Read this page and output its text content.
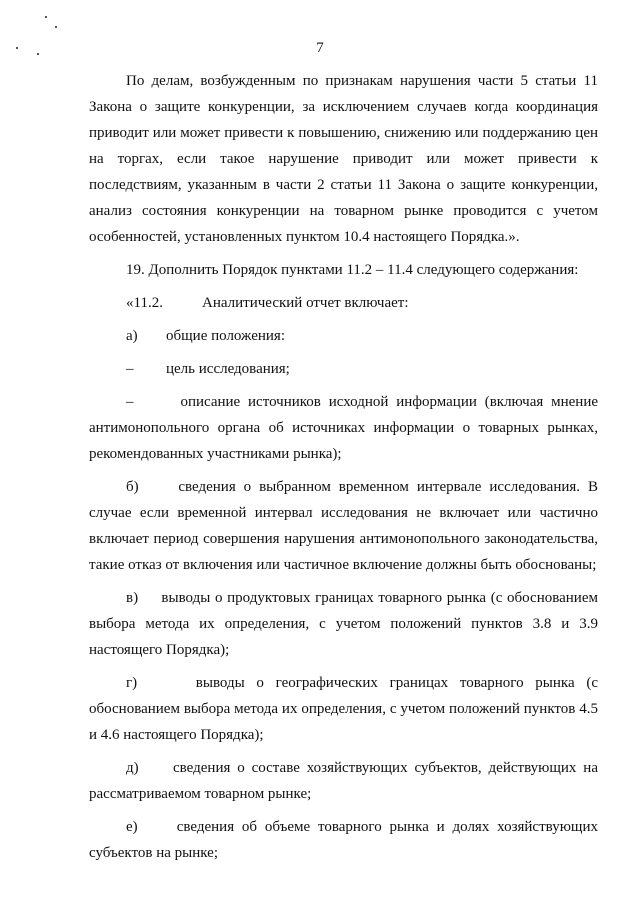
7

По делам, возбужденным по признакам нарушения части 5 статьи 11 Закона о защите конкуренции, за исключением случаев когда координация приводит или может привести к повышению, снижению или поддержанию цен на торгах, если такое нарушение приводит или может привести к последствиям, указанным в части 2 статьи 11 Закона о защите конкуренции, анализ состояния конкуренции на товарном рынке проводится с учетом особенностей, установленных пунктом 10.4 настоящего Порядка.».

19. Дополнить Порядок пунктами 11.2 – 11.4 следующего содержания:

«11.2.	Аналитический отчет включает:
а) общие положения:
– цель исследования;

–	описание источников исходной информации (включая мнение антимонопольного органа об источниках информации о товарных рынках, рекомендованных участниками рынка);

б)	сведения о выбранном временном интервале исследования. В случае если временной интервал исследования не включает или частично включает период совершения нарушения антимонопольного законодательства, такие отказ от включения или частичное включение должны быть обоснованы;

в) выводы о продуктовых границах товарного рынка (с обоснованием выбора метода их определения, с учетом положений пунктов 3.8 и 3.9 настоящего Порядка);

г)	выводы о географических границах товарного рынка (с обоснованием выбора метода их определения, с учетом положений пунктов 4.5 и 4.6 настоящего Порядка);

д) сведения о составе хозяйствующих субъектов, действующих на рассматриваемом товарном рынке;

е)	сведения об объеме товарного рынка и долях хозяйствующих субъектов на рынке;
